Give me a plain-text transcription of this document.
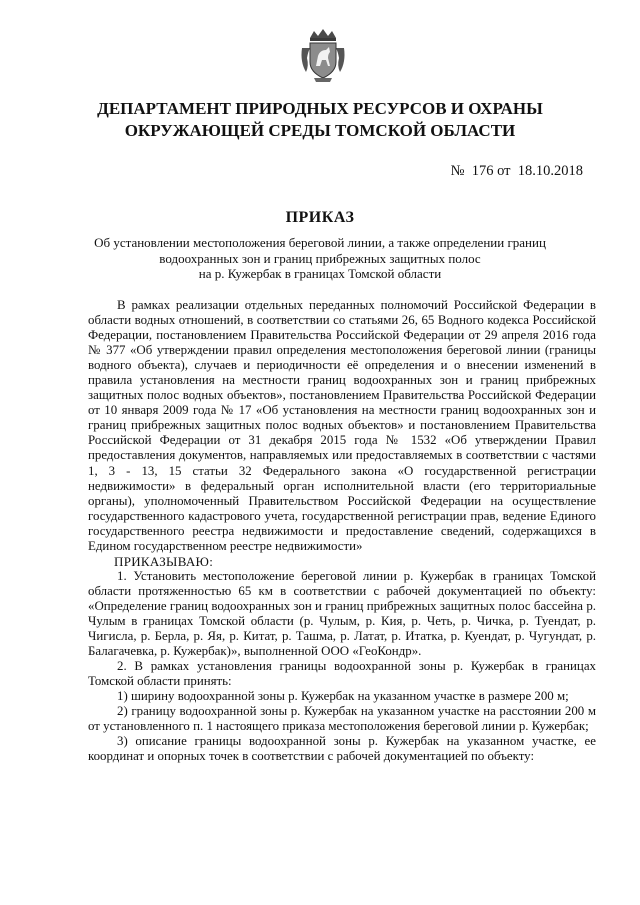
ДЕПАРТАМЕНТ ПРИРОДНЫХ РЕСУРСОВ И ОХРАНЫ
ОКРУЖАЮЩЕЙ СРЕДЫ ТОМСКОЙ ОБЛАСТИ
№  176 от  18.10.2018
ПРИКАЗ
Об установлении местоположения береговой линии, а также определении границ
водоохранных зон и границ прибрежных защитных полос
на р. Кужербак в границах Томской области

В рамках реализации отдельных переданных полномочий Российской Федерации в области водных отношений, в соответствии со статьями 26, 65 Водного кодекса Российской Федерации, постановлением Правительства Российской Федерации от 29 апреля 2016 года № 377 «Об утверждении правил определения местоположения береговой линии (границы водного объекта), случаев и периодичности её определения и о внесении изменений в правила установления на местности границ водоохранных зон и границ прибрежных защитных полос водных объектов», постановлением Правительства Российской Федерации от 10 января 2009 года № 17 «Об установления на местности границ водоохранных зон и границ прибрежных защитных полос водных объектов» и постановлением Правительства Российской Федерации от 31 декабря 2015 года № 1532 «Об утверждении Правил предоставления документов, направляемых или предоставляемых в соответствии с частями 1, 3 - 13, 15 статьи 32 Федерального закона «О государственной регистрации недвижимости» в федеральный орган исполнительной власти (его территориальные органы), уполномоченный Правительством Российской Федерации на осуществление государственного кадастрового учета, государственной регистрации прав, ведение Единого государственного реестра недвижимости и предоставление сведений, содержащихся в Едином государственном реестре недвижимости»

ПРИКАЗЫВАЮ:

1. Установить местоположение береговой линии р. Кужербак в границах Томской области протяженностью 65 км в соответствии с рабочей документацией по объекту: «Определение границ водоохранных зон и границ прибрежных защитных полос бассейна р. Чулым в границах Томской области (р. Чулым, р. Кия, р. Четь, р. Чичка, р. Туендат, р. Чигисла, р. Берла, р. Яя, р. Китат, р. Ташма, р. Латат, р. Итатка, р. Куендат, р. Чугундат, р. Балагачевка, р. Кужербак)», выполненной ООО «ГеоКондр».

2. В рамках установления границы водоохранной зоны р. Кужербак в границах Томской области принять:

1) ширину водоохранной зоны р. Кужербак на указанном участке в размере 200 м;

2) границу водоохранной зоны р. Кужербак на указанном участке на расстоянии 200 м от установленного п. 1 настоящего приказа местоположения береговой линии р. Кужербак;

3) описание границы водоохранной зоны р. Кужербак на указанном участке, ее координат и опорных точек в соответствии с рабочей документацией по объекту:
